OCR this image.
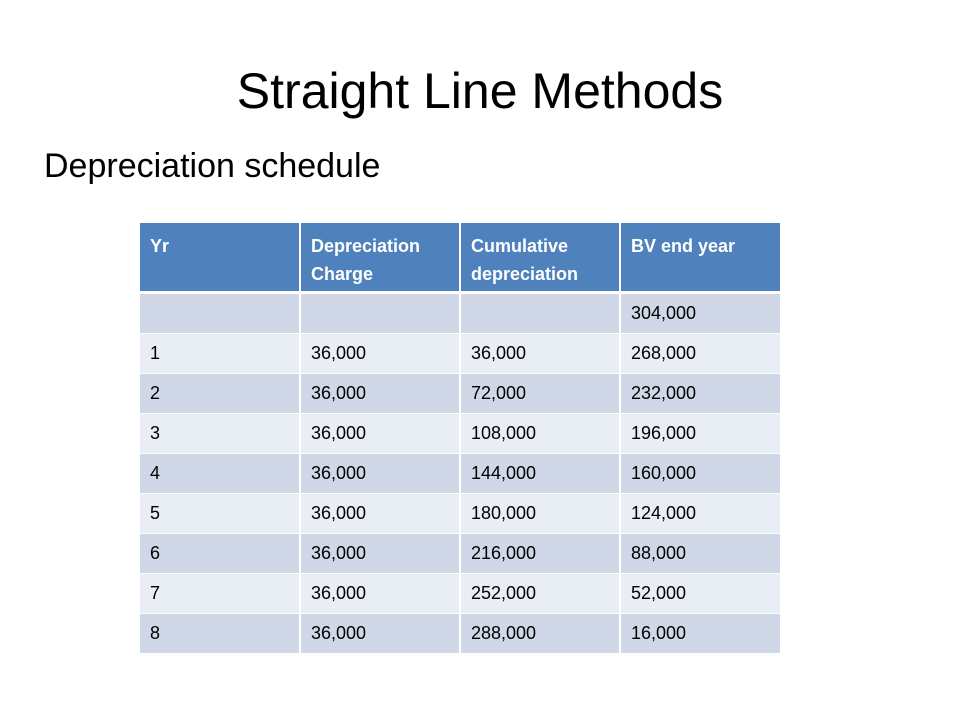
Straight Line Methods
Depreciation schedule
Yr	Depreciation Charge	Cumulative depreciation	BV end year
			304,000
1	36,000	36,000	268,000
2	36,000	72,000	232,000
3	36,000	108,000	196,000
4	36,000	144,000	160,000
5	36,000	180,000	124,000
6	36,000	216,000	88,000
7	36,000	252,000	52,000
8	36,000	288,000	16,000
